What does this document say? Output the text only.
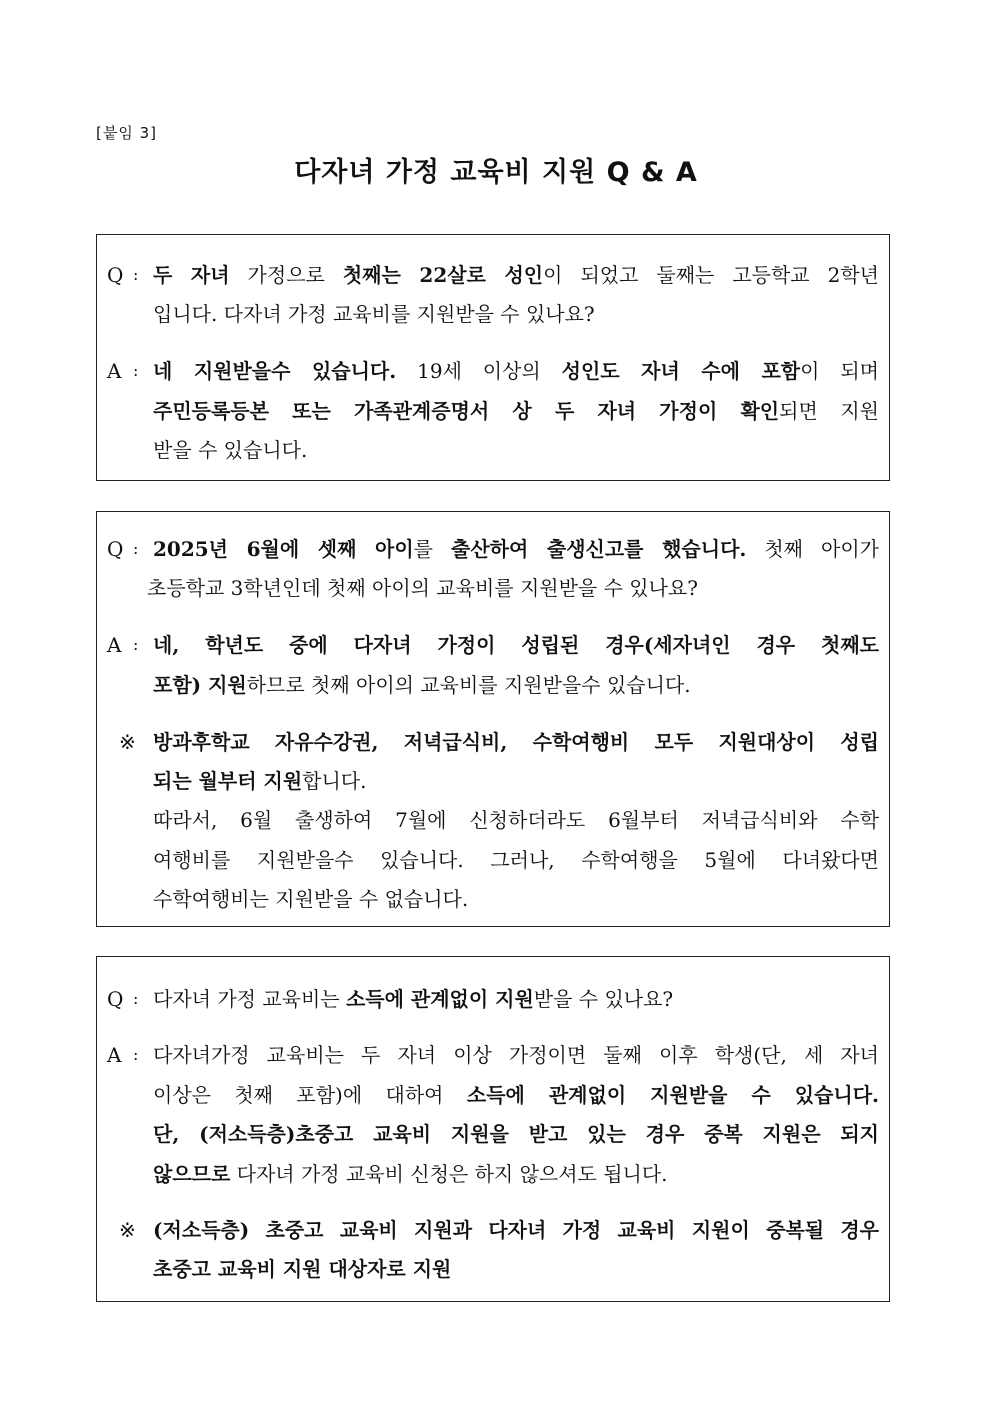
[붙임 3]
다자녀 가정 교육비 지원 Q & A
Q : 두 자녀 가정으로 첫째는 22살로 성인이 되었고 둘째는 고등학교 2학년
입니다. 다자녀 가정 교육비를 지원받을 수 있나요?
A : 네 지원받을수 있습니다. 19세 이상의 성인도 자녀 수에 포함이 되며
주민등록등본 또는 가족관계증명서 상 두 자녀 가정이 확인되면 지원
받을 수 있습니다.
Q : 2025년 6월에 셋째 아이를 출산하여 출생신고를 했습니다. 첫째 아이가
초등학교 3학년인데 첫째 아이의 교육비를 지원받을 수 있나요?
A : 네, 학년도 중에 다자녀 가정이 성립된 경우(세자녀인 경우 첫째도
포함) 지원하므로 첫째 아이의 교육비를 지원받을수 있습니다.
※ 방과후학교 자유수강권, 저녁급식비, 수학여행비 모두 지원대상이 성립
되는 월부터 지원합니다.
따라서, 6월 출생하여 7월에 신청하더라도 6월부터 저녁급식비와 수학
여행비를 지원받을수 있습니다. 그러나, 수학여행을 5월에 다녀왔다면
수학여행비는 지원받을 수 없습니다.
Q : 다자녀 가정 교육비는 소득에 관계없이 지원받을 수 있나요?
A : 다자녀가정 교육비는 두 자녀 이상 가정이면 둘째 이후 학생(단, 세 자녀
이상은 첫째 포함)에 대하여 소득에 관계없이 지원받을 수 있습니다.
단, (저소득층)초중고 교육비 지원을 받고 있는 경우 중복 지원은 되지
않으므로 다자녀 가정 교육비 신청은 하지 않으셔도 됩니다.
※ (저소득층) 초중고 교육비 지원과 다자녀 가정 교육비 지원이 중복될 경우
초중고 교육비 지원 대상자로 지원
